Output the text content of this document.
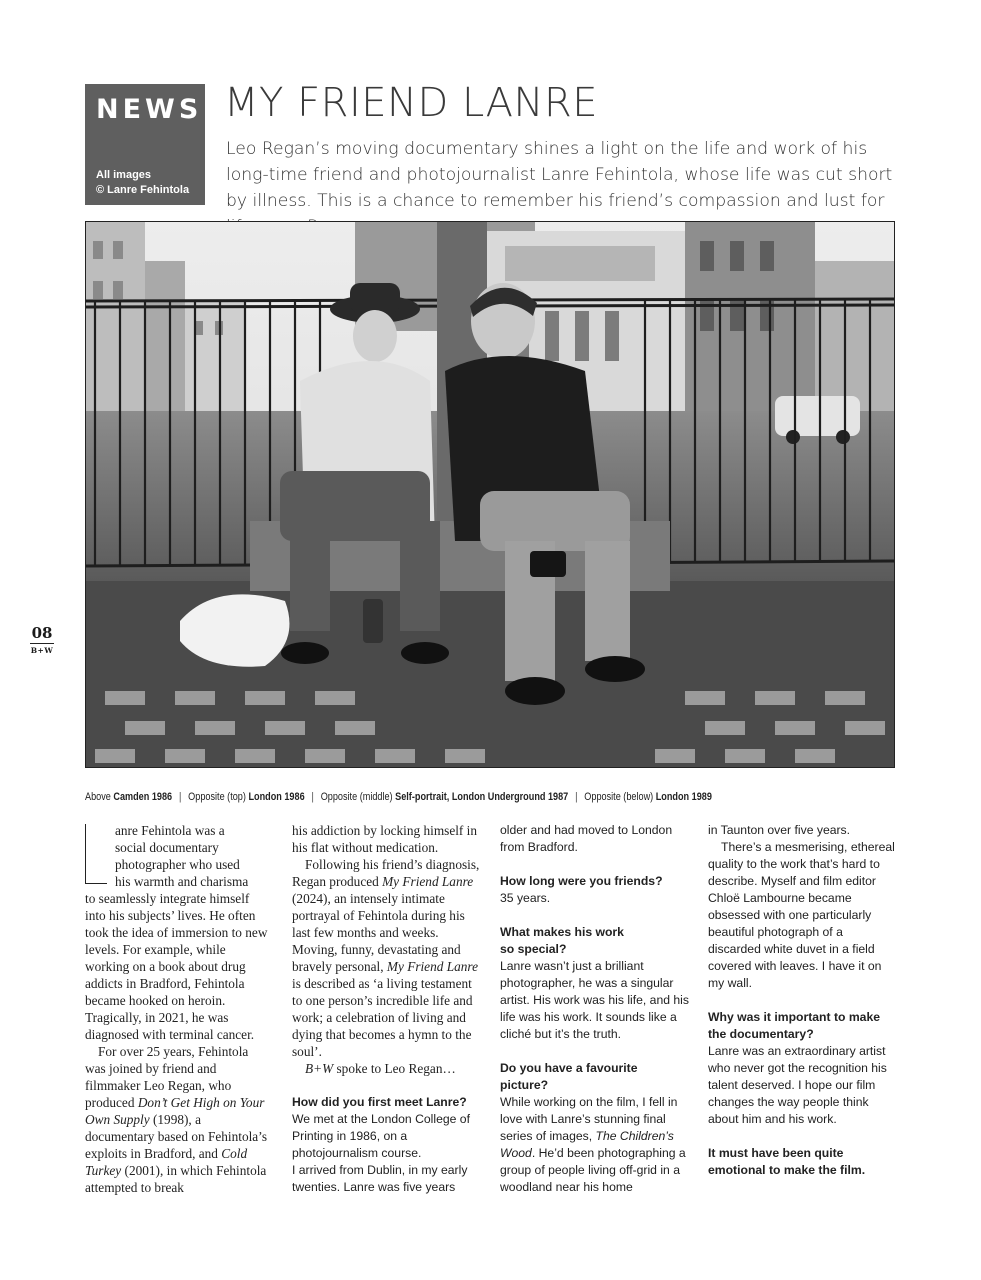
NEWS
All images
© Lanre Fehintola
MY FRIEND LANRE
Leo Regan’s moving documentary shines a light on the life and work of his long-time friend and photojournalist Lanre Fehintola, whose life was cut short by illness. This is a chance to remember his friend’s compassion and lust for
08
B+W
Above Camden 1986 | Opposite (top) London 1986 | Opposite (middle) Self-portrait, London Underground 1987 | Opposite (below) London 1989

anre Fehintola was a
social documentary
photographer who used
his warmth and charisma
to seamlessly integrate himself into his subjects’ lives. He often took the idea of immersion to new levels. For example, while working on a book about drug addicts in Bradford, Fehintola became hooked on heroin. Tragically, in 2021, he was diagnosed with terminal cancer.

For over 25 years, Fehintola was joined by friend and filmmaker Leo Regan, who produced Don’t Get High on Your Own Supply (1998), a documentary based on Fehintola’s exploits in Bradford, and Cold Turkey (2001), in which Fehintola attempted to break

his addiction by locking himself in his flat without medication.

Following his friend’s diagnosis, Regan produced My Friend Lanre (2024), an intensely intimate portrayal of Fehintola during his last few months and weeks. Moving, funny, devastating and bravely personal, My Friend Lanre is described as ‘a living testament to one person’s incredible life and work; a celebration of living and dying that becomes a hymn to the soul’.

B+W spoke to Leo Regan…

How did you first meet Lanre?

We met at the London College of Printing in 1986, on a photojournalism course.

I arrived from Dublin, in my early twenties. Lanre was five years

older and had moved to London from Bradford.

How long were you friends?

35 years.

What makes his work so special?

Lanre wasn’t just a brilliant photographer, he was a singular artist. His work was his life, and his life was his work. It sounds like a cliché but it’s the truth.

Do you have a favourite picture?

While working on the film, I fell in love with Lanre’s stunning final series of images, The Children’s Wood. He’d been photographing a group of people living off-grid in a woodland near his home

in Taunton over five years.

There’s a mesmerising, ethereal quality to the work that’s hard to describe. Myself and film editor Chloë Lambourne became obsessed with one particularly beautiful photograph of a discarded white duvet in a field covered with leaves. I have it on my wall.

Why was it important to make the documentary?

Lanre was an extraordinary artist who never got the recognition his talent deserved. I hope our film changes the way people think about him and his work.

It must have been quite emotional to make the film.
